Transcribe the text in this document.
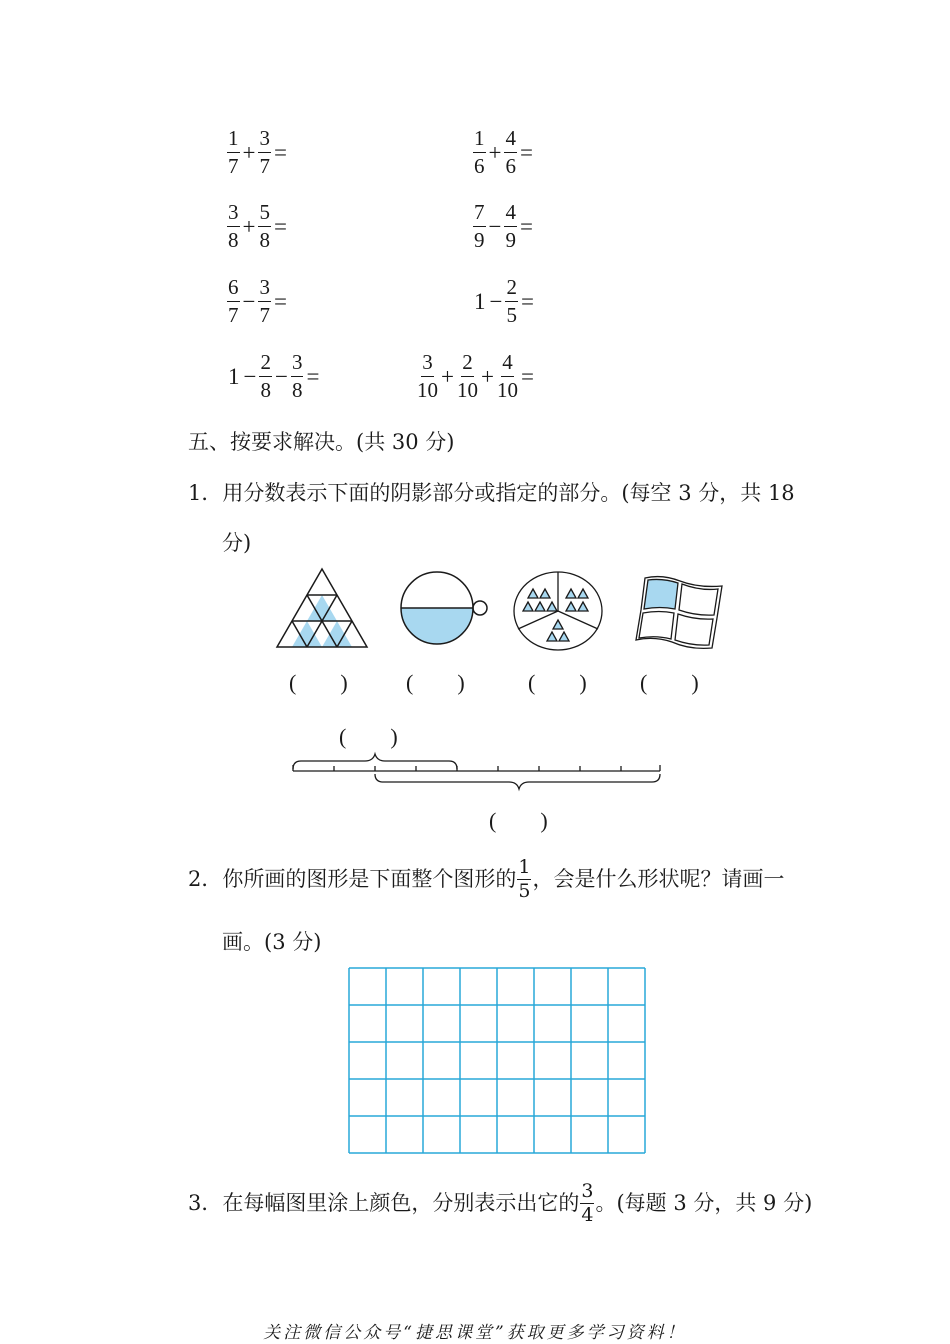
$\frac{1}{7} + \frac{3}{7}$ =	$\frac{1}{6} + \frac{4}{6}$ =
$\frac{3}{8} + \frac{5}{8}$ =	$\frac{7}{9} - \frac{4}{9}$ =
$\frac{6}{7} - \frac{3}{7}$ =	$1 - \frac{2}{5}$ =
$1 - \frac{2}{8} - \frac{3}{8}$ =	$\frac{3}{10} + \frac{2}{10} + \frac{4}{10}$ =
五、按要求解决。(共 30 分)
1．用分数表示下面的阴影部分或指定的部分。(每空 3 分，共 18
分)
(　　)	(　　)	(　　) (　　)
(　　)
(　　)
2．你所画的图形是下面整个图形的 $\frac{1}{5}$ ，会是什么形状呢？请画一
画。(3 分)
3．在每幅图里涂上颜色，分别表示出它的 $\frac{3}{4}$ 。(每题 3 分，共 9 分)
关注微信公众号“捷思课堂”获取更多学习资料！
